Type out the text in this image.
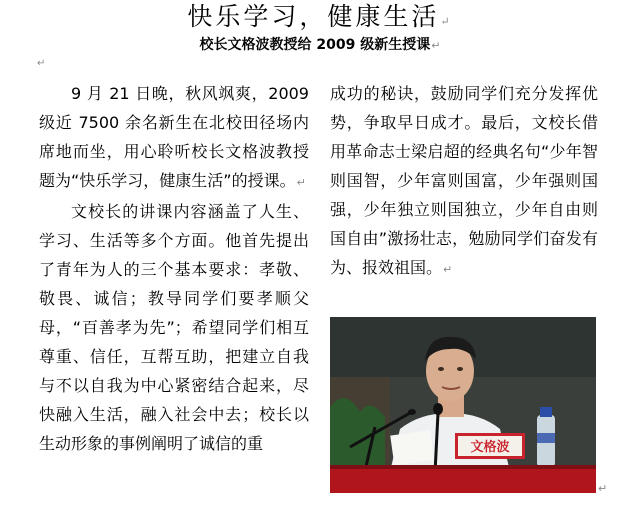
快乐学习，健康生活↵
校长文格波教授给 2009 级新生授课↵
↵

9 月 21 日晚，秋风飒爽，2009 级近 7500 余名新生在北校田径场内席地而坐，用心聆听校长文格波教授题为“快乐学习，健康生活”的授课。↵

文校长的讲课内容涵盖了人生、学习、生活等多个方面。他首先提出了青年为人的三个基本要求：孝敬、敬畏、诚信；教导同学们要孝顺父母，“百善孝为先”；希望同学们相互尊重、信任，互帮互助，把建立自我与不以自我为中心紧密结合起来，尽快融入生活，融入社会中去；校长以生动形象的事例阐明了诚信的重

成功的秘诀，鼓励同学们充分发挥优势，争取早日成才。最后，文校长借用革命志士梁启超的经典名句“少年智则国智，少年富则国富，少年强则国强，少年独立则国独立，少年自由则国自由”激扬壮志，勉励同学们奋发有为、报效祖国。↵

文格波
↵
